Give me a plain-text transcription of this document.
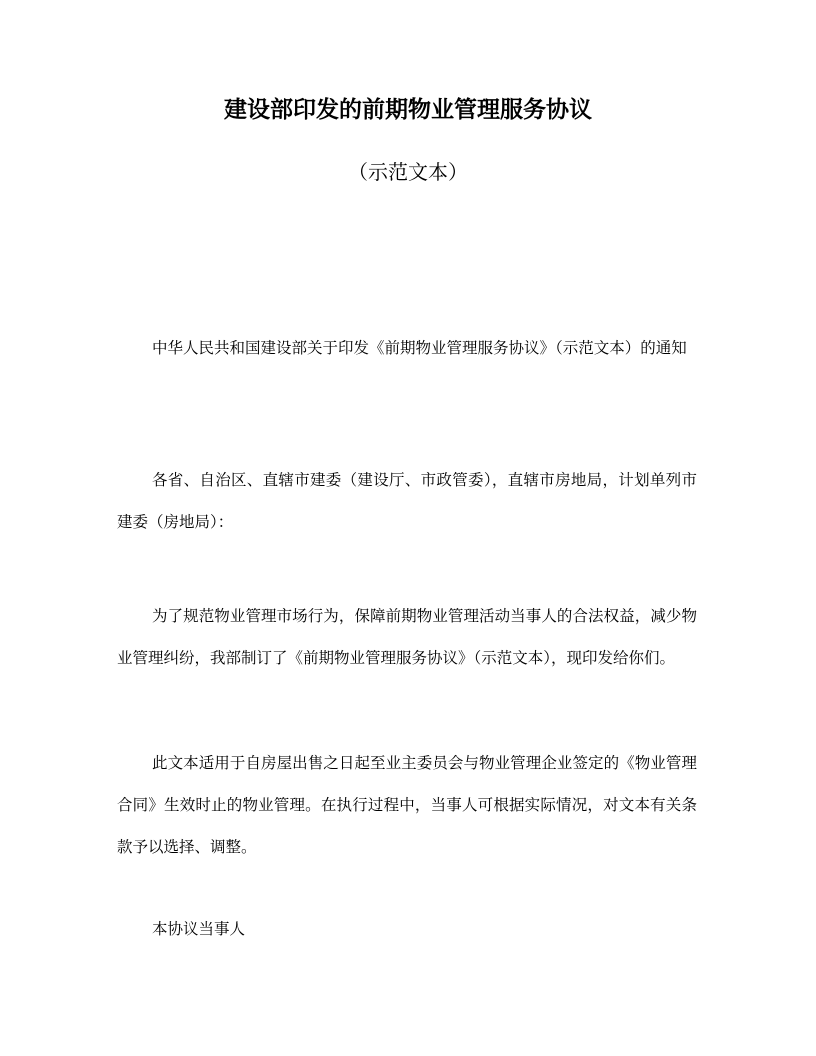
建设部印发的前期物业管理服务协议
（示范文本）

中华人民共和国建设部关于印发《前期物业管理服务协议》（示范文本）的通知

各省、自治区、直辖市建委（建设厅、市政管委），直辖市房地局，计划单列市建委（房地局）：

为了规范物业管理市场行为，保障前期物业管理活动当事人的合法权益，减少物业管理纠纷，我部制订了《前期物业管理服务协议》（示范文本），现印发给你们。

此文本适用于自房屋出售之日起至业主委员会与物业管理企业签定的《物业管理合同》生效时止的物业管理。在执行过程中，当事人可根据实际情况，对文本有关条款予以选择、调整。

本协议当事人
